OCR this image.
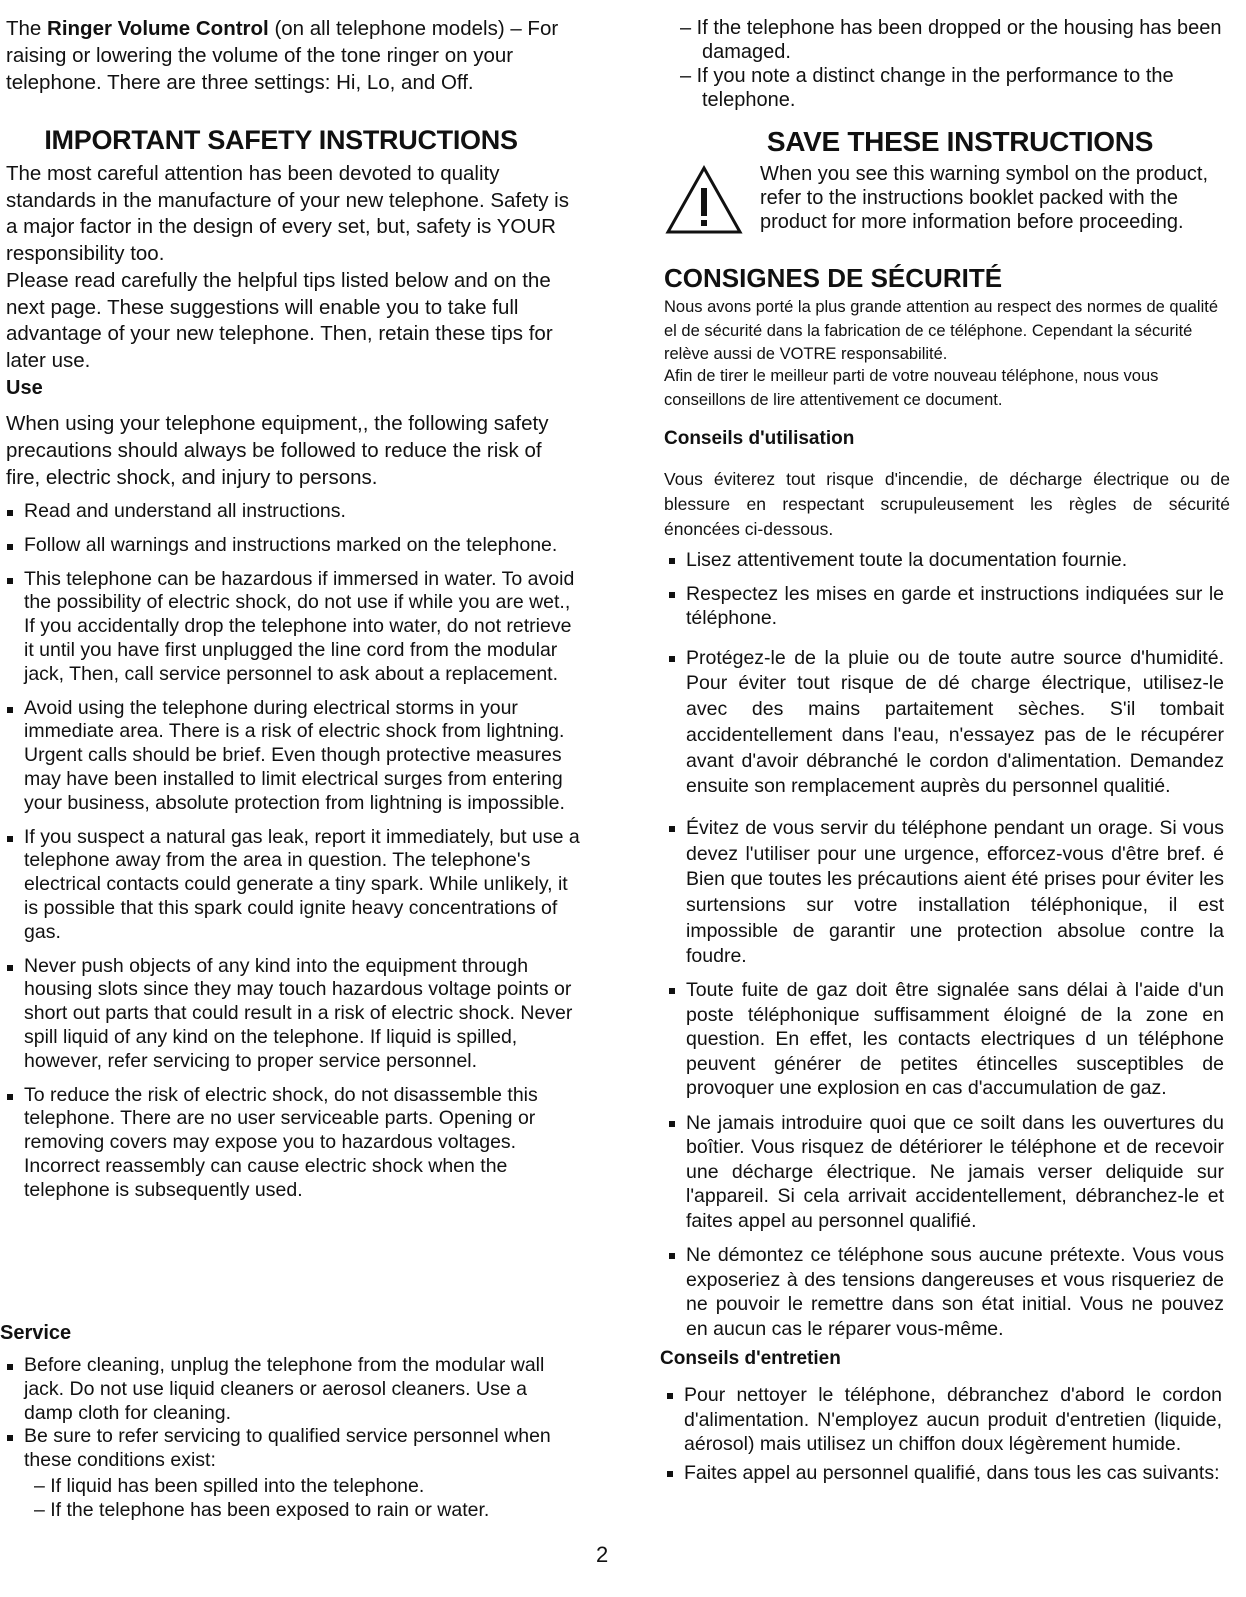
The Ringer Volume Control (on all telephone models) – For raising or lowering the volume of the tone ringer on your telephone. There are three settings: Hi, Lo, and Off.

IMPORTANT SAFETY INSTRUCTIONS

The most careful attention has been devoted to quality standards in the manufacture of your new telephone. Safety is a major factor in the design of every set, but, safety is YOUR responsibility too.

Please read carefully the helpful tips listed below and on the next page. These suggestions will enable you to take full advantage of your new telephone. Then, retain these tips for later use.

Use

When using your telephone equipment,, the following safety precautions should always be followed to reduce the risk of fire, electric shock, and injury to persons.

Read and understand all instructions.
Follow all warnings and instructions marked on the telephone.
This telephone can be hazardous if immersed in water. To avoid the possibility of electric shock, do not use if while you are wet., If you accidentally drop the telephone into water, do not retrieve it until you have first unplugged the line cord from the modular jack, Then, call service personnel to ask about a replacement.
Avoid using the telephone during electrical storms in your immediate area. There is a risk of electric shock from lightning. Urgent calls should be brief. Even though protective measures may have been installed to limit electrical surges from entering your business, absolute protection from lightning is impossible.
If you suspect a natural gas leak, report it immediately, but use a telephone away from the area in question. The telephone's electrical contacts could generate a tiny spark. While unlikely, it is possible that this spark could ignite heavy concentrations of gas.
Never push objects of any kind into the equipment through housing slots since they may touch hazardous voltage points or short out parts that could result in a risk of electric shock. Never spill liquid of any kind on the telephone. If liquid is spilled, however, refer servicing to proper service personnel.
To reduce the risk of electric shock, do not disassemble this telephone. There are no user serviceable parts. Opening or removing covers may expose you to hazardous voltages. Incorrect reassembly can cause electric shock when the telephone is subsequently used.
Service
Before cleaning, unplug the telephone from the modular wall jack. Do not use liquid cleaners or aerosol cleaners. Use a damp cloth for cleaning.
Be sure to refer servicing to qualified service personnel when these conditions exist:
– If liquid has been spilled into the telephone.
– If the telephone has been exposed to rain or water.
– If the telephone has been dropped or the housing has been damaged.
– If you note a distinct change in the performance to the telephone.
SAVE THESE INSTRUCTIONS

When you see this warning symbol on the product, refer to the instructions booklet packed with the product for more information before proceeding.

CONSIGNES DE SÉCURITÉ

Nous avons porté la plus grande attention au respect des normes de qualité el de sécurité dans la fabrication de ce téléphone. Cependant la sécurité relève aussi de VOTRE responsabilité.

Afin de tirer le meilleur parti de votre nouveau téléphone, nous vous conseillons de lire attentivement ce document.

Conseils d'utilisation

Vous éviterez tout risque d'incendie, de décharge électrique ou de blessure en respectant scrupuleusement les règles de sécurité énoncées ci-dessous.

Lisez attentivement toute la documentation fournie.
Respectez les mises en garde et instructions indiquées sur le téléphone.
Protégez-le de la pluie ou de toute autre source d'humidité. Pour éviter tout risque de dé charge électrique, utilisez-le avec des mains partaitement sèches. S'il tombait accidentellement dans l'eau, n'essayez pas de le récupérer avant d'avoir débranché le cordon d'alimentation. Demandez ensuite son remplacement auprès du personnel qualitié.
Évitez de vous servir du téléphone pendant un orage. Si vous devez l'utiliser pour une urgence, efforcez-vous d'être bref. é Bien que toutes les précautions aient été prises pour éviter les surtensions sur votre installation téléphonique, il est impossible de garantir une protection absolue contre la foudre.
Toute fuite de gaz doit être signalée sans délai à l'aide d'un poste téléphonique suffisamment éloigné de la zone en question. En effet, les contacts electriques d un téléphone peuvent générer de petites étincelles susceptibles de provoquer une explosion en cas d'accumulation de gaz.
Ne jamais introduire quoi que ce soilt dans les ouvertures du boîtier. Vous risquez de détériorer le téléphone et de recevoir une décharge électrique. Ne jamais verser deliquide sur l'appareil. Si cela arrivait accidentellement, débranchez-le et faites appel au personnel qualifié.
Ne démontez ce téléphone sous aucune prétexte. Vous vous exposeriez à des tensions dangereuses et vous risqueriez de ne pouvoir le remettre dans son état initial. Vous ne pouvez en aucun cas le réparer vous-même.
Conseils d'entretien
Pour nettoyer le téléphone, débranchez d'abord le cordon d'alimentation. N'employez aucun produit d'entretien (liquide, aérosol) mais utilisez un chiffon doux légèrement humide.
Faites appel au personnel qualifié, dans tous les cas suivants:
2
